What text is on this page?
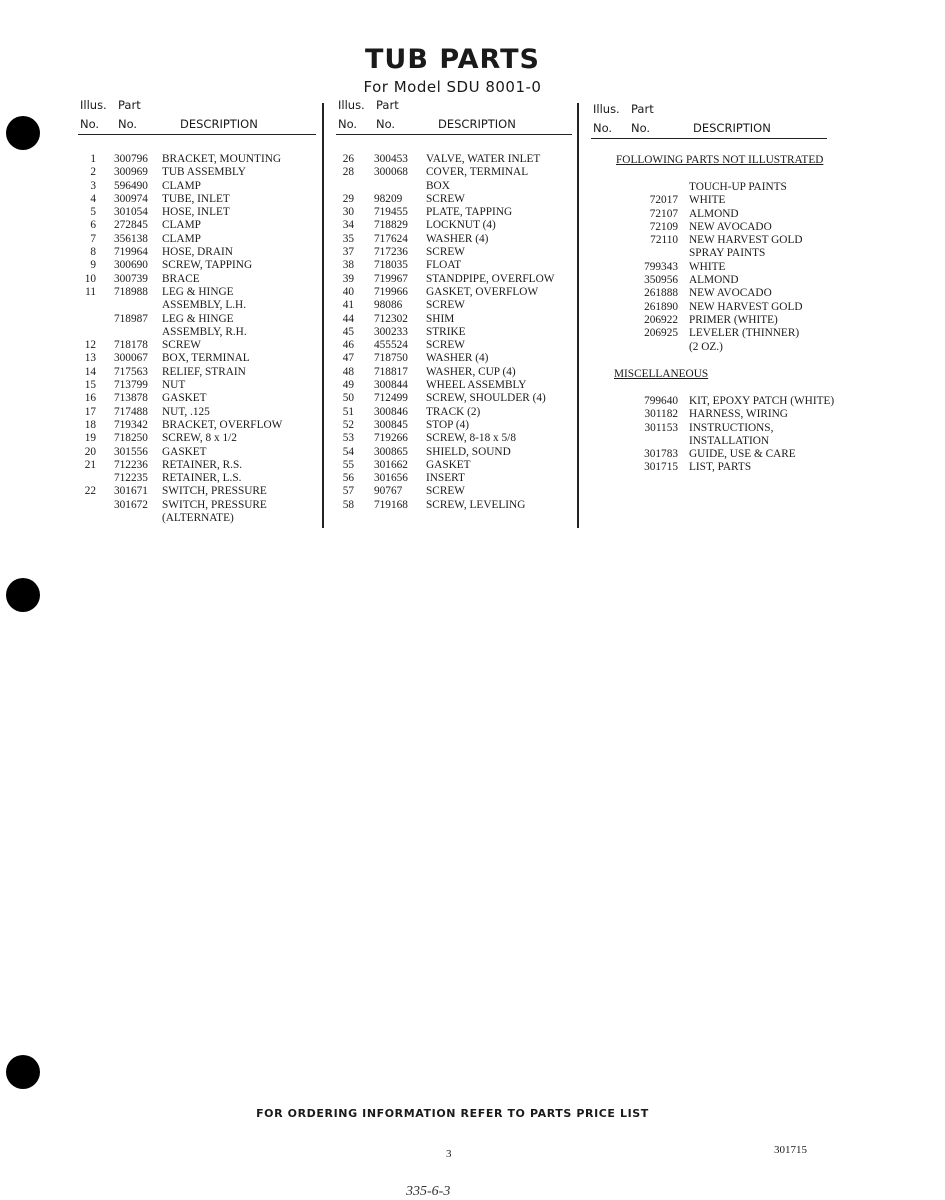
TUB PARTS
For Model SDU 8001-0
Illus. Part
No. No.	DESCRIPTION
1 300796 BRACKET, MOUNTING
2 300969 TUB ASSEMBLY
3 596490 CLAMP
4 300974 TUBE, INLET
5 301054 HOSE, INLET
6 272845 CLAMP
7 356138 CLAMP
8 719964 HOSE, DRAIN
9 300690 SCREW, TAPPING
10 300739 BRACE
11 718988 LEG & HINGE
ASSEMBLY, L.H.
718987 LEG & HINGE
ASSEMBLY, R.H.
12 718178 SCREW
13 300067 BOX, TERMINAL
14 717563 RELIEF, STRAIN
15 713799 NUT
16 713878 GASKET
17 717488 NUT, .125
18 719342 BRACKET, OVERFLOW
19 718250 SCREW, 8 x 1/2
20 301556 GASKET
21 712236 RETAINER, R.S.
712235 RETAINER, L.S.
22 301671 SWITCH, PRESSURE
301672 SWITCH, PRESSURE
(ALTERNATE)
Illus. Part
No. No.	DESCRIPTION
26 300453 VALVE, WATER INLET
28 300068 COVER, TERMINAL
BOX
29 98209 SCREW
30 719455 PLATE, TAPPING
34 718829 LOCKNUT (4)
35 717624 WASHER (4)
37 717236 SCREW
38 718035 FLOAT
39 719967 STANDPIPE, OVERFLOW
40 719966 GASKET, OVERFLOW
41 98086 SCREW
44 712302 SHIM
45 300233 STRIKE
46 455524 SCREW
47 718750 WASHER (4)
48 718817 WASHER, CUP (4)
49 300844 WHEEL ASSEMBLY
50 712499 SCREW, SHOULDER (4)
51 300846 TRACK (2)
52 300845 STOP (4)
53 719266 SCREW, 8-18 x 5/8
54 300865 SHIELD, SOUND
55 301662 GASKET
56 301656 INSERT
57 90767 SCREW
58 719168 SCREW, LEVELING
Illus. Part
No. No.	DESCRIPTION
FOLLOWING PARTS NOT ILLUSTRATED
TOUCH-UP PAINTS
72017 WHITE
72107 ALMOND
72109 NEW AVOCADO
72110 NEW HARVEST GOLD
SPRAY PAINTS
799343 WHITE
350956 ALMOND
261888 NEW AVOCADO
261890 NEW HARVEST GOLD
206922 PRIMER (WHITE)
206925 LEVELER (THINNER)
(2 OZ.)
MISCELLANEOUS
799640 KIT, EPOXY PATCH (WHITE)
301182 HARNESS, WIRING
301153 INSTRUCTIONS,
INSTALLATION
301783 GUIDE, USE & CARE
301715 LIST, PARTS
FOR ORDERING INFORMATION REFER TO PARTS PRICE LIST
3	301715
335-6-3
